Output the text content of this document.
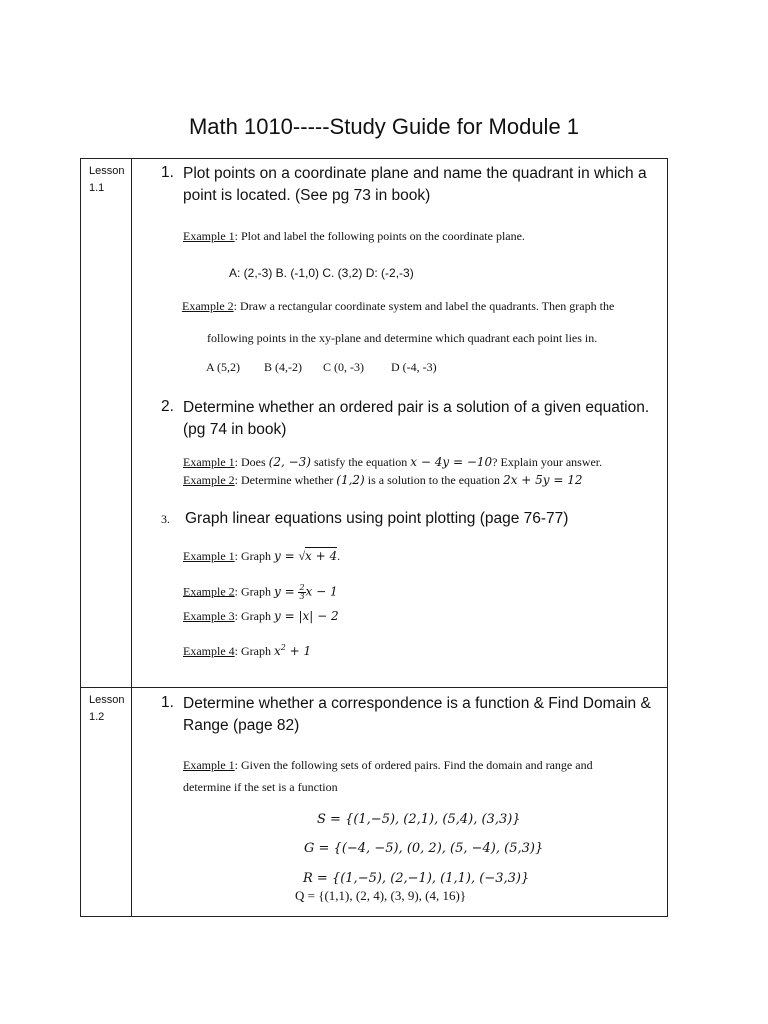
Math 1010-----Study Guide for Module 1
Lesson
1.1
1. Plot points on a coordinate plane and name the quadrant in which a
point is located. (See pg 73 in book)
Example 1: Plot and label the following points on the coordinate plane.
A: (2,-3) B. (-1,0) C. (3,2) D: (-2,-3)
Example 2: Draw a rectangular coordinate system and label the quadrants. Then graph the
following points in the xy-plane and determine which quadrant each point lies in.
A (5,2) B (4,-2) C (0, -3) D (-4, -3)
2. Determine whether an ordered pair is a solution of a given equation.
(pg 74 in book)
Example 1: Does (2, −3) satisfy the equation x − 4y = −10? Explain your answer.
Example 2: Determine whether (1,2) is a solution to the equation 2x + 5y = 12
3. Graph linear equations using point plotting (page 76-77)
Example 1: Graph y = √x + 4.
Example 2: Graph $y = \frac{2}{3}$ x − 1
Example 3: Graph y = |x| − 2
Example 4: Graph $x^2 + 1$
Lesson
1.2
1. Determine whether a correspondence is a function & Find Domain &
Range (page 82)
Example 1: Given the following sets of ordered pairs. Find the domain and range and
determine if the set is a function
S = {(1,−5), (2,1), (5,4), (3,3)}
G = {(−4, −5), (0, 2), (5, −4), (5,3)}
R = {(1,−5), (2,−1), (1,1), (−3,3)}
Q = {(1,1), (2, 4), (3, 9), (4, 16)}
